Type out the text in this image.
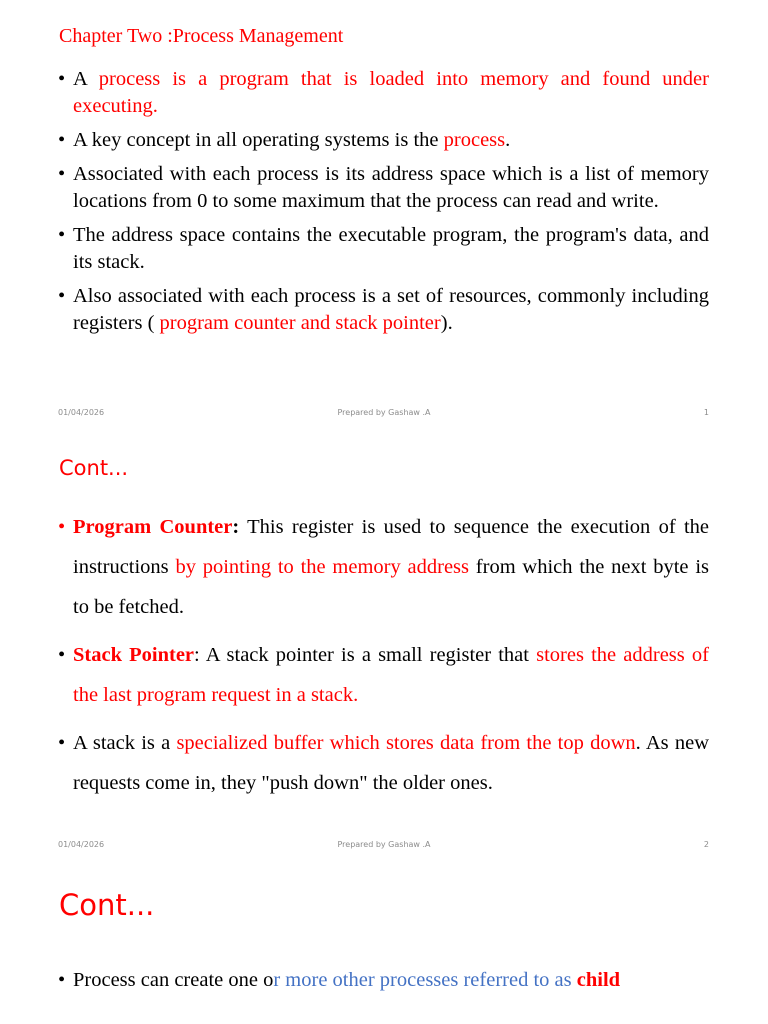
Chapter Two :Process Management
• A process is a program that is loaded into memory and found under executing.
• A key concept in all operating systems is the process.
• Associated with each process is its address space which is a list of memory locations from 0 to some maximum that the process can read and write.
• The address space contains the executable program, the program's data, and its stack.
• Also associated with each process is a set of resources, commonly including registers ( program counter and stack pointer).
01/04/2026	Prepared by Gashaw .A	1
Cont...
• Program Counter: This register is used to sequence the execution of the instructions by pointing to the memory address from which the next byte is to be fetched.
• Stack Pointer: A stack pointer is a small register that stores the address of the last program request in a stack.
• A stack is a specialized buffer which stores data from the top down. As new requests come in, they "push down" the older ones.
01/04/2026	Prepared by Gashaw .A	2
Cont...
• Process can create one or more other processes referred to as child
